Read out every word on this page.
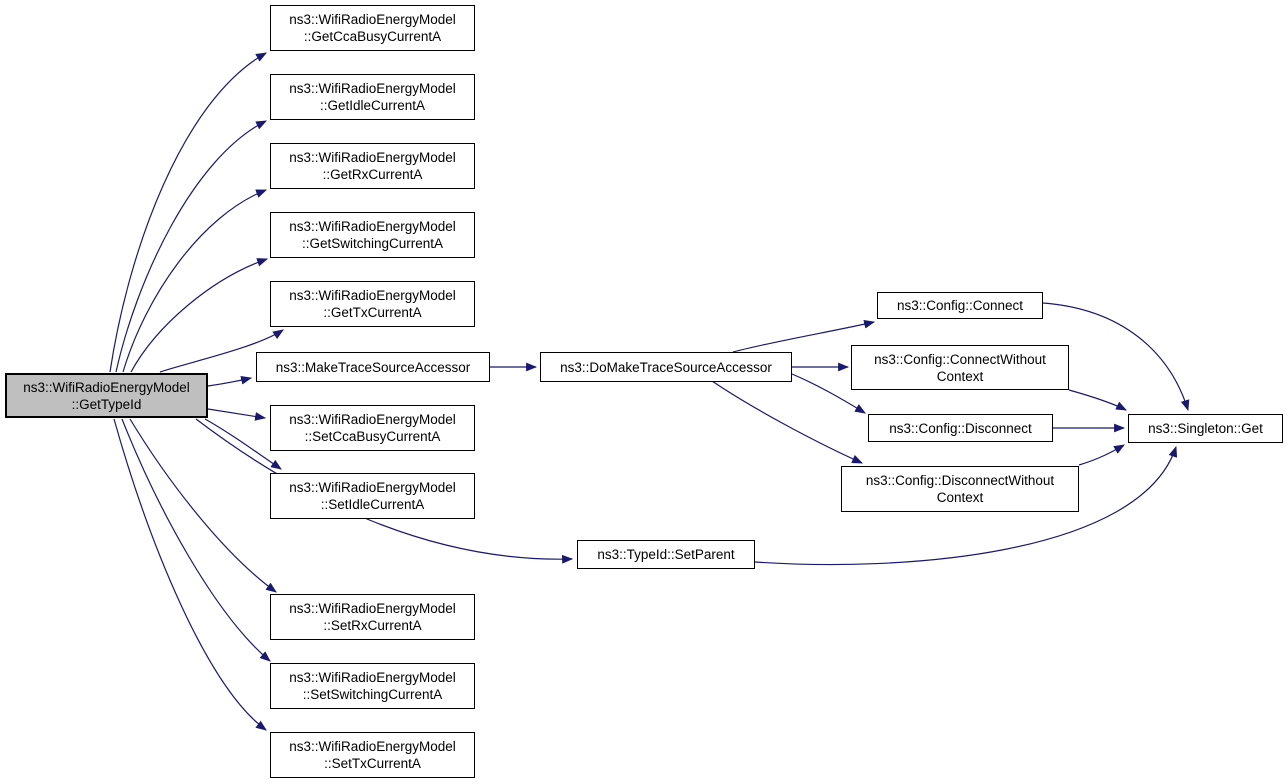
ns3::WifiRadioEnergyModel
::GetCcaBusyCurrentA
ns3::WifiRadioEnergyModel
::GetIdleCurrentA
ns3::WifiRadioEnergyModel
::GetRxCurrentA
ns3::WifiRadioEnergyModel
::GetSwitchingCurrentA
ns3::WifiRadioEnergyModel
::GetTxCurrentA
ns3::MakeTraceSourceAccessor
ns3::WifiRadioEnergyModel
::GetTypeId
ns3::WifiRadioEnergyModel
::SetCcaBusyCurrentA
ns3::WifiRadioEnergyModel
::SetIdleCurrentA
ns3::WifiRadioEnergyModel
::SetRxCurrentA
ns3::WifiRadioEnergyModel
::SetSwitchingCurrentA
ns3::WifiRadioEnergyModel
::SetTxCurrentA
ns3::DoMakeTraceSourceAccessor
ns3::TypeId::SetParent
ns3::Config::Connect
ns3::Config::ConnectWithout
Context
ns3::Config::Disconnect
ns3::Config::DisconnectWithout
Context
ns3::Singleton::Get
